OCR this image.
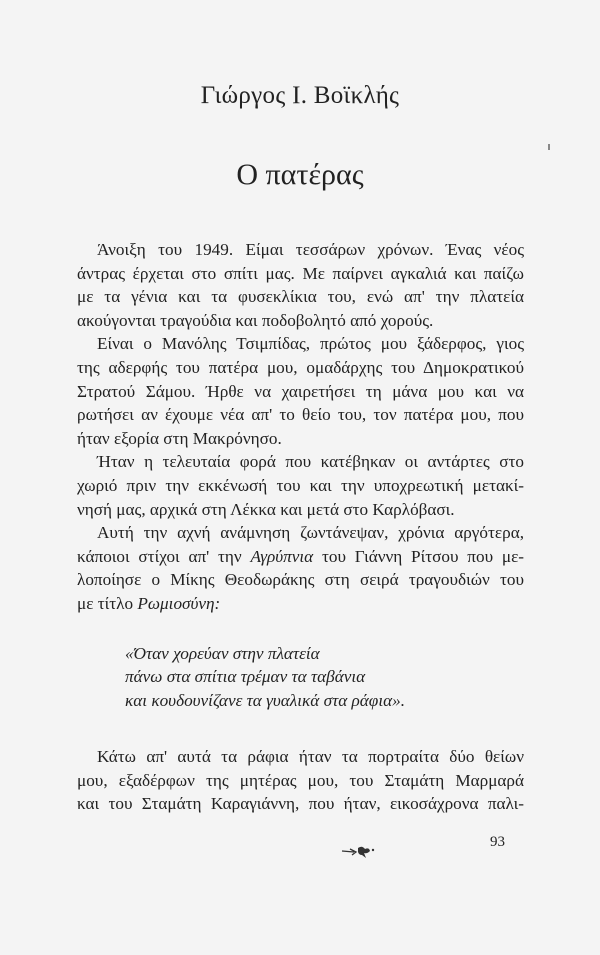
Γιώργος Ι. Βοϊκλής
Ο πατέρας
Άνοιξη του 1949. Είμαι τεσσάρων χρόνων. Ένας νέος
άντρας έρχεται στο σπίτι μας. Με παίρνει αγκαλιά και παίζω
με τα γένια και τα φυσεκλίκια του, ενώ απ' την πλατεία
ακούγονται τραγούδια και ποδοβολητό από χορούς.
Είναι ο Μανόλης Τσιμπίδας, πρώτος μου ξάδερφος, γιος
της αδερφής του πατέρα μου, ομαδάρχης του Δημοκρατικού
Στρατού Σάμου. Ήρθε να χαιρετήσει τη μάνα μου και να
ρωτήσει αν έχουμε νέα απ' το θείο του, τον πατέρα μου, που
ήταν εξορία στη Μακρόνησο.
Ήταν η τελευταία φορά που κατέβηκαν οι αντάρτες στο
χωριό πριν την εκκένωσή του και την υποχρεωτική μετακί-
νησή μας, αρχικά στη Λέκκα και μετά στο Καρλόβασι.
Αυτή την αχνή ανάμνηση ζωντάνεψαν, χρόνια αργότερα,
κάποιοι στίχοι απ' την Αγρύπνια του Γιάννη Ρίτσου που με-
λοποίησε ο Μίκης Θεοδωράκης στη σειρά τραγουδιών του
με τίτλο Ρωμιοσύνη:
«Όταν χορεύαν στην πλατεία
πάνω στα σπίτια τρέμαν τα ταβάνια
και κουδουνίζανε τα γυαλικά στα ράφια».
Κάτω απ' αυτά τα ράφια ήταν τα πορτραίτα δύο θείων
μου, εξαδέρφων της μητέρας μου, του Σταμάτη Μαρμαρά
και του Σταμάτη Καραγιάννη, που ήταν, εικοσάχρονα παλι-
93
